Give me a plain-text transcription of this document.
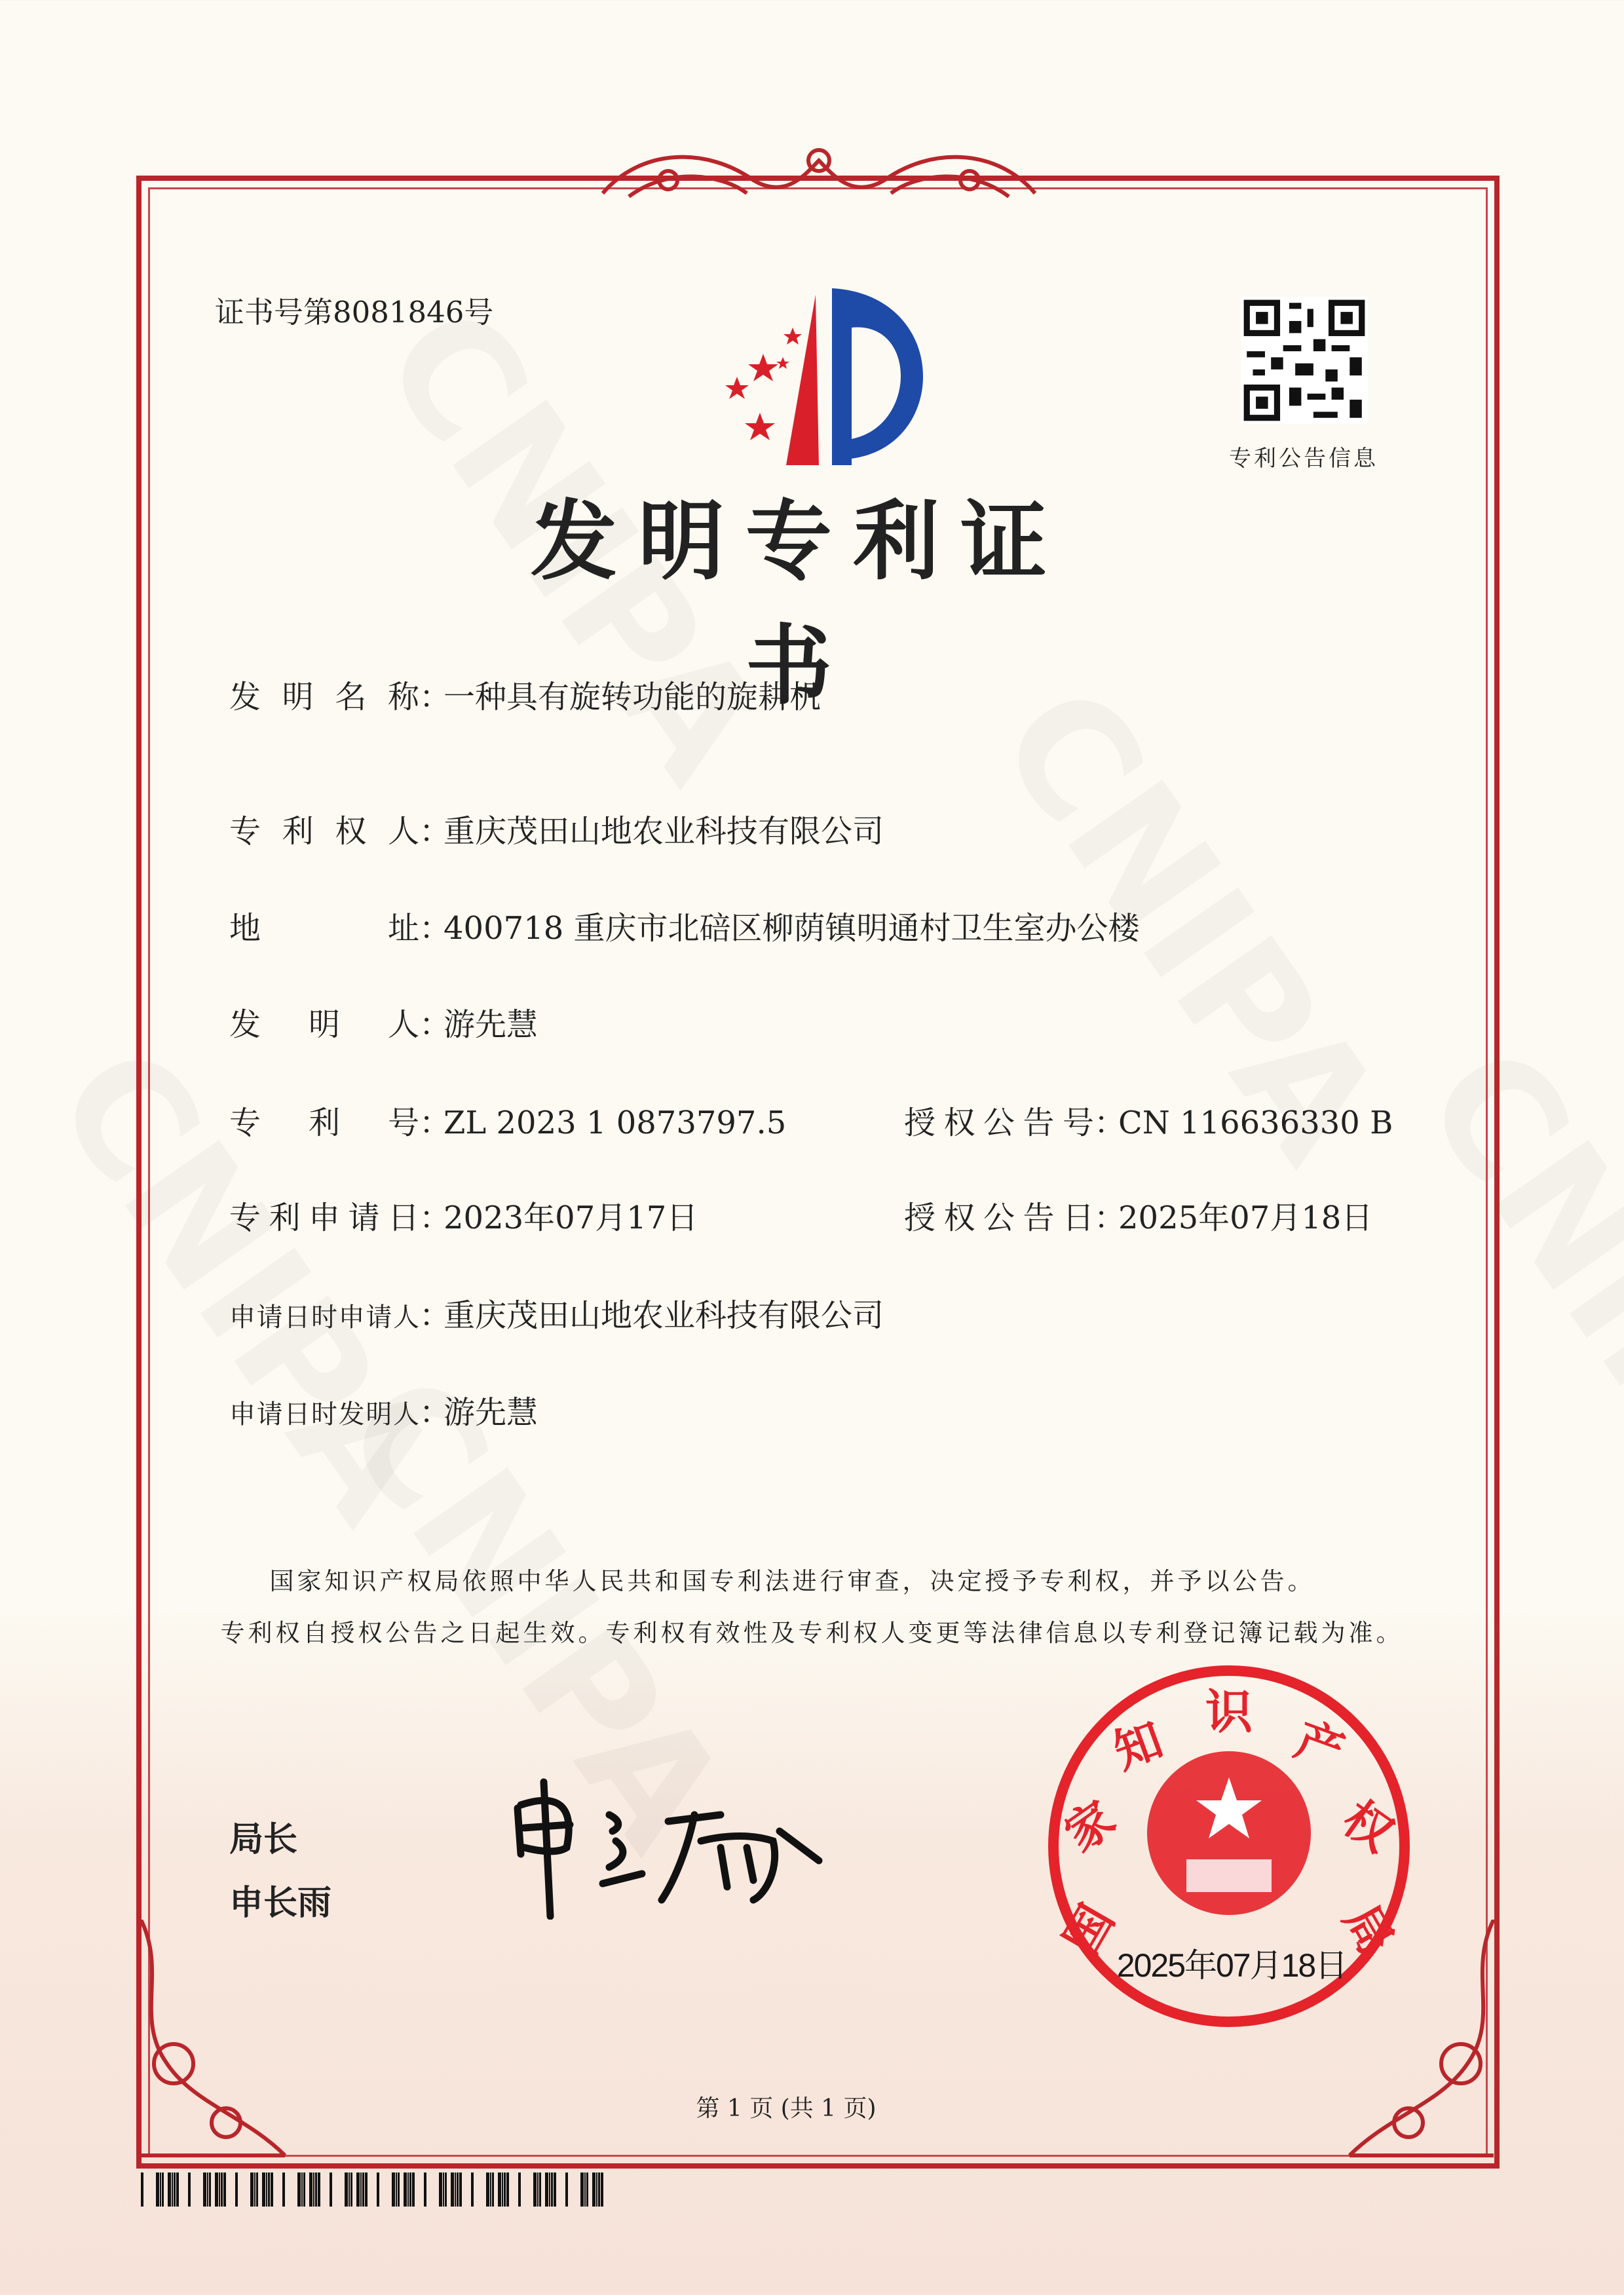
证书号第8081846号
专利公告信息
发明专利证书
发明名称 ：
一种具有旋转功能的旋耕机
专利权人 ：
重庆茂田山地农业科技有限公司
地址 ：
400718 重庆市北碚区柳荫镇明通村卫生室办公楼
发明人 ：
游先慧
专利号 ：
ZL 2023 1 0873797.5	授权公告号 ：
CN 116636330 B
专利申请日 ：
2023年07月17日	授权公告日 ：
2025年07月18日
申请日时申请人 ：
重庆茂田山地农业科技有限公司
申请日时发明人 ：
游先慧
国家知识产权局依照中华人民共和国专利法进行审查，决定授予专利权，并予以公告。
专利权自授权公告之日起生效。专利权有效性及专利权人变更等法律信息以专利登记簿记载为准。
局长
申长雨	国
家
知 识 产
权
局
2025年07月18日
第 1 页 (共 1 页)
